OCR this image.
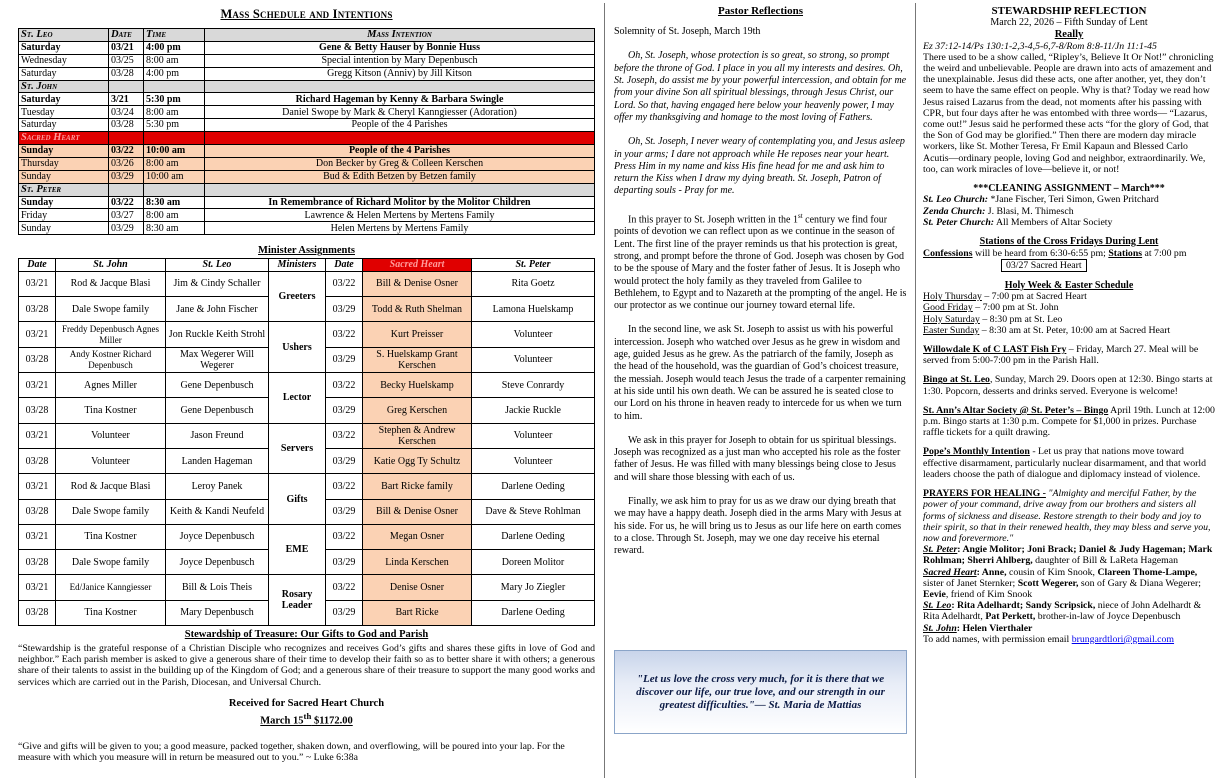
Mass Schedule and Intentions
St. Leo	Date	Time	Mass Intention
Saturday	03/21	4:00 pm	Gene & Betty Hauser by Bonnie Huss
Wednesday	03/25	8:00 am	Special intention by Mary Depenbusch
Saturday	03/28	4:00 pm	Gregg Kitson (Anniv) by Jill Kitson
St. John			
Saturday	3/21	5:30 pm	Richard Hageman by Kenny & Barbara Swingle
Tuesday	03/24	8:00 am	Daniel Swope by Mark & Cheryl Kanngiesser (Adoration)
Saturday	03/28	5:30 pm	People of the 4 Parishes
Sacred Heart			
Sunday	03/22	10:00 am	People of the 4 Parishes
Thursday	03/26	8:00 am	Don Becker by Greg & Colleen Kerschen
Sunday	03/29	10:00 am	Bud & Edith Betzen by Betzen family
St. Peter			
Sunday	03/22	8:30 am	In Remembrance of Richard Molitor by the Molitor Children
Friday	03/27	8:00 am	Lawrence & Helen Mertens by Mertens Family
Sunday	03/29	8:30 am	Helen Mertens by Mertens Family
Minister Assignments
Date	St. John	St. Leo	Ministers	Date	Sacred Heart	St. Peter
03/21	Rod & Jacque Blasi	Jim & Cindy Schaller	Greeters	03/22	Bill & Denise Osner	Rita Goetz
03/28	Dale Swope family	Jane & John Fischer		03/29	Todd & Ruth Shelman	Lamona Huelskamp
03/21	Freddy Depenbusch Agnes Miller	Jon Ruckle Keith Strohl	Ushers	03/22	Kurt Preisser	Volunteer
03/28	Andy Kostner Richard Depenbusch	Max Wegerer Will Wegerer		03/29	S. Huelskamp Grant Kerschen	Volunteer
03/21	Agnes Miller	Gene Depenbusch	Lector	03/22	Becky Huelskamp	Steve Conrardy
03/28	Tina Kostner	Gene Depenbusch		03/29	Greg Kerschen	Jackie Ruckle
03/21	Volunteer	Jason Freund	Servers	03/22	Stephen & Andrew Kerschen	Volunteer
03/28	Volunteer	Landen Hageman		03/29	Katie Ogg Ty Schultz	Volunteer
03/21	Rod & Jacque Blasi	Leroy Panek	Gifts	03/22	Bart Ricke family	Darlene Oeding
03/28	Dale Swope family	Keith & Kandi Neufeld		03/29	Bill & Denise Osner	Dave & Steve Rohlman
03/21	Tina Kostner	Joyce Depenbusch	EME	03/22	Megan Osner	Darlene Oeding
03/28	Dale Swope family	Joyce Depenbusch		03/29	Linda Kerschen	Doreen Molitor
03/21	Ed/Janice Kanngiesser	Bill & Lois Theis	Rosary Leader	03/22	Denise Osner	Mary Jo Ziegler
03/28	Tina Kostner	Mary Depenbusch		03/29	Bart Ricke	Darlene Oeding
Stewardship of Treasure: Our Gifts to God and Parish

“Stewardship is the grateful response of a Christian Disciple who recognizes and receives God’s gifts and shares these gifts in love of God and neighbor.” Each parish member is asked to give a generous share of their time to develop their faith so as to better share it with others; a generous share of their talents to assist in the building up of the Kingdom of God; and a generous share of their treasure to support the many good works and services which are carried out in the Parish, Diocesan, and Universal Church.

Received for Sacred Heart Church
March 15th $1172.00

“Give and gifts will be given to you; a good measure, packed together, shaken down, and overflowing, will be poured into your lap. For the measure with which you measure will in return be measured out to you.” ~ Luke 6:38a

Pastor Reflections

Solemnity of St. Joseph, March 19th

Oh, St. Joseph, whose protection is so great, so strong, so prompt before the throne of God. I place in you all my interests and desires. Oh, St. Joseph, do assist me by your powerful intercession, and obtain for me from your divine Son all spiritual blessings, through Jesus Christ, our Lord. So that, having engaged here below your heavenly power, I may offer my thanksgiving and homage to the most loving of Fathers.

Oh, St. Joseph, I never weary of contemplating you, and Jesus asleep in your arms; I dare not approach while He reposes near your heart. Press Him in my name and kiss His fine head for me and ask him to return the Kiss when I draw my dying breath. St. Joseph, Patron of departing souls - Pray for me.

In this prayer to St. Joseph written in the 1st century we find four points of devotion we can reflect upon as we continue in the season of Lent. The first line of the prayer reminds us that his protection is great, strong, and prompt before the throne of God. Joseph was chosen by God to be the spouse of Mary and the foster father of Jesus. It is Joseph who would protect the holy family as they traveled from Galilee to Bethlehem, to Egypt and to Nazareth at the prompting of the angel. He is our protector as we continue our journey toward eternal life.

In the second line, we ask St. Joseph to assist us with his powerful intercession. Joseph who watched over Jesus as he grew in wisdom and age, guided Jesus as he grew. As the patriarch of the family, Joseph as the head of the household, was the guardian of God’s choicest treasure, the messiah. Joseph would teach Jesus the trade of a carpenter remaining at his side until his own death. We can be assured he is seated close to our Lord on his throne in heaven ready to intercede for us when we turn to him.

We ask in this prayer for Joseph to obtain for us spiritual blessings. Joseph was recognized as a just man who accepted his role as the foster father of Jesus. He was filled with many blessings being close to Jesus and will share those blessing with each of us.

Finally, we ask him to pray for us as we draw our dying breath that we may have a happy death. Joseph died in the arms Mary with Jesus at his side. For us, he will bring us to Jesus as our life here on earth comes to a close. Through St. Joseph, may we one day receive his eternal reward.

"Let us love the cross very much, for it is there that we discover our life, our true love, and our strength in our greatest difficulties."— St. Maria de Mattias
STEWARDSHIP REFLECTION
March 22, 2026 – Fifth Sunday of Lent
Really
Ez 37:12-14/Ps 130:1-2,3-4,5-6,7-8/Rom 8:8-11/Jn 11:1-45
There used to be a show called, “Ripley’s, Believe It Or Not!” chronicling the weird and unbelievable. People are drawn into acts of amazement and the unexplainable. Jesus did these acts, one after another, yet, they don’t seem to have the same effect on people. Why is that? Today we read how Jesus raised Lazarus from the dead, not moments after his passing with CPR, but four days after he was entombed with three words— “Lazarus, come out!” Jesus said he performed these acts “for the glory of God, that the Son of God may be glorified.” Then there are modern day miracle workers, like St. Mother Teresa, Fr Emil Kapaun and Blessed Carlo Acutis—ordinary people, loving God and neighbor, extraordinarily. We, too, can work miracles of love—believe it, or not!
***CLEANING ASSIGNMENT – March***
St. Leo Church: *Jane Fischer, Teri Simon, Gwen Pritchard
Zenda Church: J. Blasi, M. Thimesch
St. Peter Church: All Members of Altar Society
Stations of the Cross Fridays During Lent
Confessions will be heard from 6:30-6:55 pm; Stations at 7:00 pm
03/27 Sacred Heart
Holy Week & Easter Schedule
Holy Thursday – 7:00 pm at Sacred Heart
Good Friday – 7:00 pm at St. John
Holy Saturday – 8:30 pm at St. Leo
Easter Sunday – 8:30 am at St. Peter, 10:00 am at Sacred Heart
Willowdale K of C LAST Fish Fry – Friday, March 27. Meal will be served from 5:00-7:00 pm in the Parish Hall.
Bingo at St. Leo, Sunday, March 29. Doors open at 12:30. Bingo starts at 1:30. Popcorn, desserts and drinks served. Everyone is welcome!
St. Ann’s Altar Society @ St. Peter’s – Bingo April 19th. Lunch at 12:00 p.m. Bingo starts at 1:30 p.m. Compete for $1,000 in prizes. Purchase raffle tickets for a quilt drawing.
Pope’s Monthly Intention - Let us pray that nations move toward effective disarmament, particularly nuclear disarmament, and that world leaders choose the path of dialogue and diplomacy instead of violence.
PRAYERS FOR HEALING - "Almighty and merciful Father, by the power of your command, drive away from our brothers and sisters all forms of sickness and disease. Restore strength to their body and joy to their spirit, so that in their renewed health, they may bless and serve you, now and forevermore."
St. Peter: Angie Molitor; Joni Brack; Daniel & Judy Hageman; Mark Rohlman; Sherri Ahlberg, daughter of Bill & LaReta Hageman
Sacred Heart: Anne, cousin of Kim Snook, Clareen Thome-Lampe, sister of Janet Sternker; Scott Wegerer, son of Gary & Diana Wegerer; Eevie, friend of Kim Snook
St. Leo: Rita Adelhardt; Sandy Scripsick, niece of John Adelhardt & Rita Adelhardt, Pat Perkett, brother-in-law of Joyce Depenbusch
St. John: Helen Vierthaler
To add names, with permission email brungardtlori@gmail.com
